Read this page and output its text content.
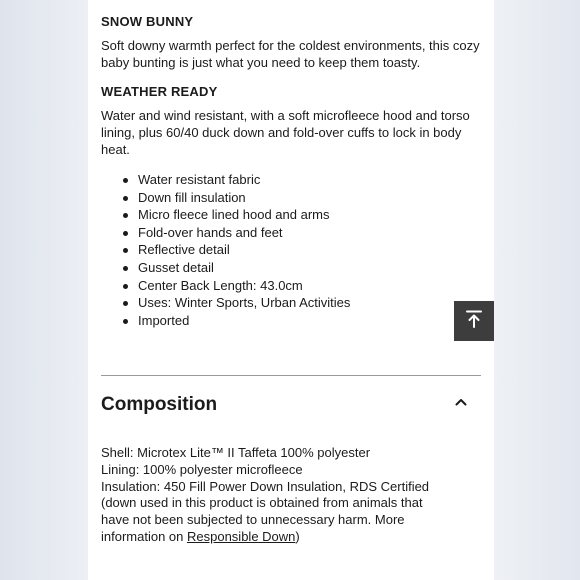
SNOW BUNNY

Soft downy warmth perfect for the coldest environments, this cozy baby bunting is just what you need to keep them toasty.

WEATHER READY

Water and wind resistant, with a soft microfleece hood and torso lining, plus 60/40 duck down and fold-over cuffs to lock in body heat.

Water resistant fabric
Down fill insulation
Micro fleece lined hood and arms
Fold-over hands and feet
Reflective detail
Gusset detail
Center Back Length: 43.0cm
Uses: Winter Sports, Urban Activities
Imported
Composition
Shell: Microtex Lite™ II Taffeta 100% polyester
Lining: 100% polyester microfleece
Insulation: 450 Fill Power Down Insulation, RDS Certified
(down used in this product is obtained from animals that
have not been subjected to unnecessary harm. More
information on Responsible Down)
